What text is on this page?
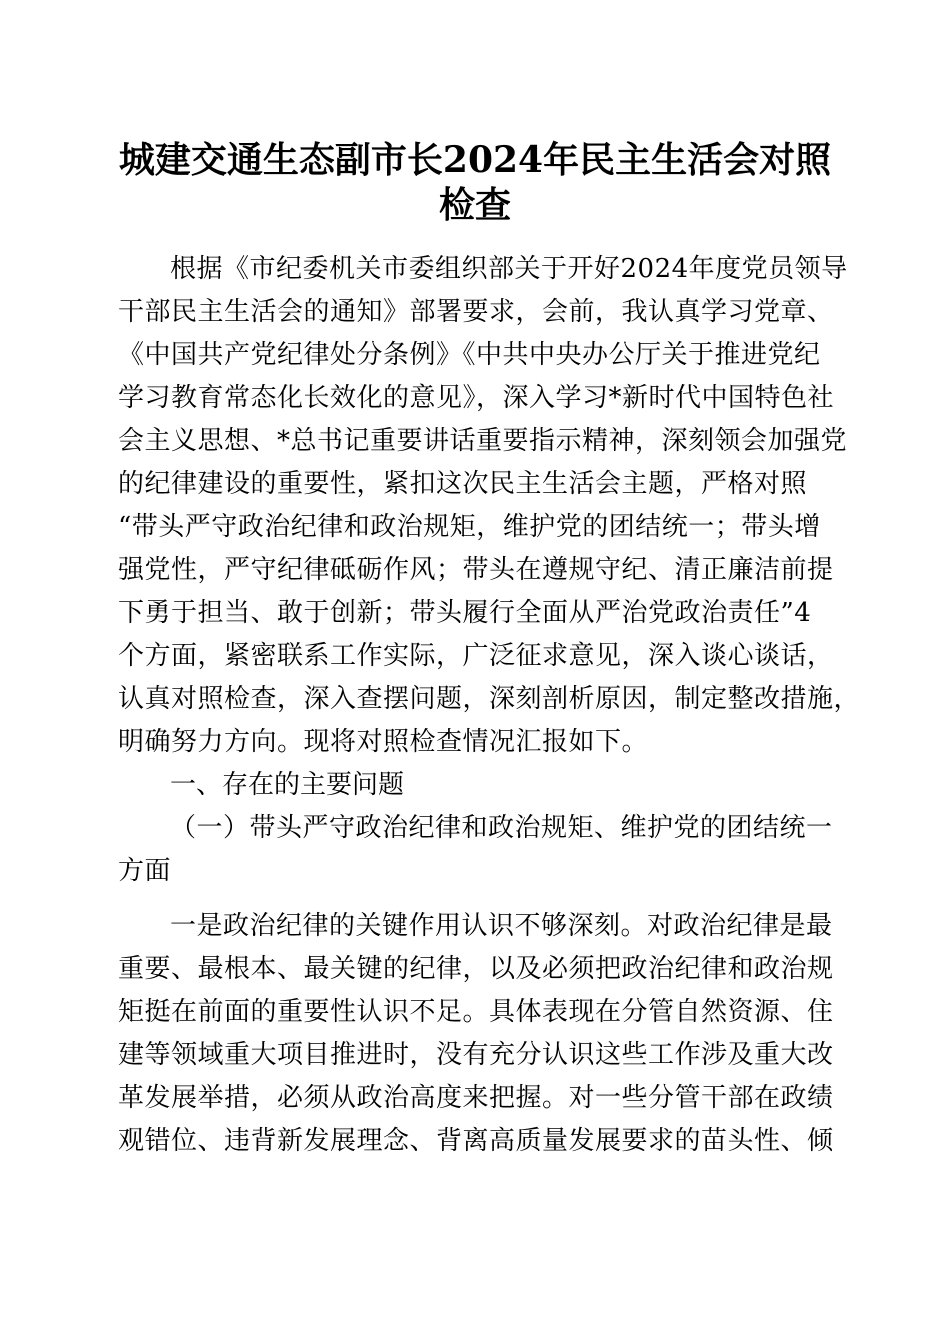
城建交通生态副市长2024年民主生活会对照
检查
根据《市纪委机关市委组织部关于开好2024年度党员领导
干部民主生活会的通知》部署要求，会前，我认真学习党章、
《中国共产党纪律处分条例》《中共中央办公厅关于推进党纪
学习教育常态化长效化的意见》，深入学习*新时代中国特色社
会主义思想、*总书记重要讲话重要指示精神，深刻领会加强党
的纪律建设的重要性，紧扣这次民主生活会主题，严格对照
“带头严守政治纪律和政治规矩，维护党的团结统一；带头增
强党性，严守纪律砥砺作风；带头在遵规守纪、清正廉洁前提
下勇于担当、敢于创新；带头履行全面从严治党政治责任”4
个方面，紧密联系工作实际，广泛征求意见，深入谈心谈话，
认真对照检查，深入查摆问题，深刻剖析原因，制定整改措施，
明确努力方向。现将对照检查情况汇报如下。
一、存在的主要问题
（一）带头严守政治纪律和政治规矩、维护党的团结统一
方面
一是政治纪律的关键作用认识不够深刻。对政治纪律是最
重要、最根本、最关键的纪律，以及必须把政治纪律和政治规
矩挺在前面的重要性认识不足。具体表现在分管自然资源、住
建等领域重大项目推进时，没有充分认识这些工作涉及重大改
革发展举措，必须从政治高度来把握。对一些分管干部在政绩
观错位、违背新发展理念、背离高质量发展要求的苗头性、倾
